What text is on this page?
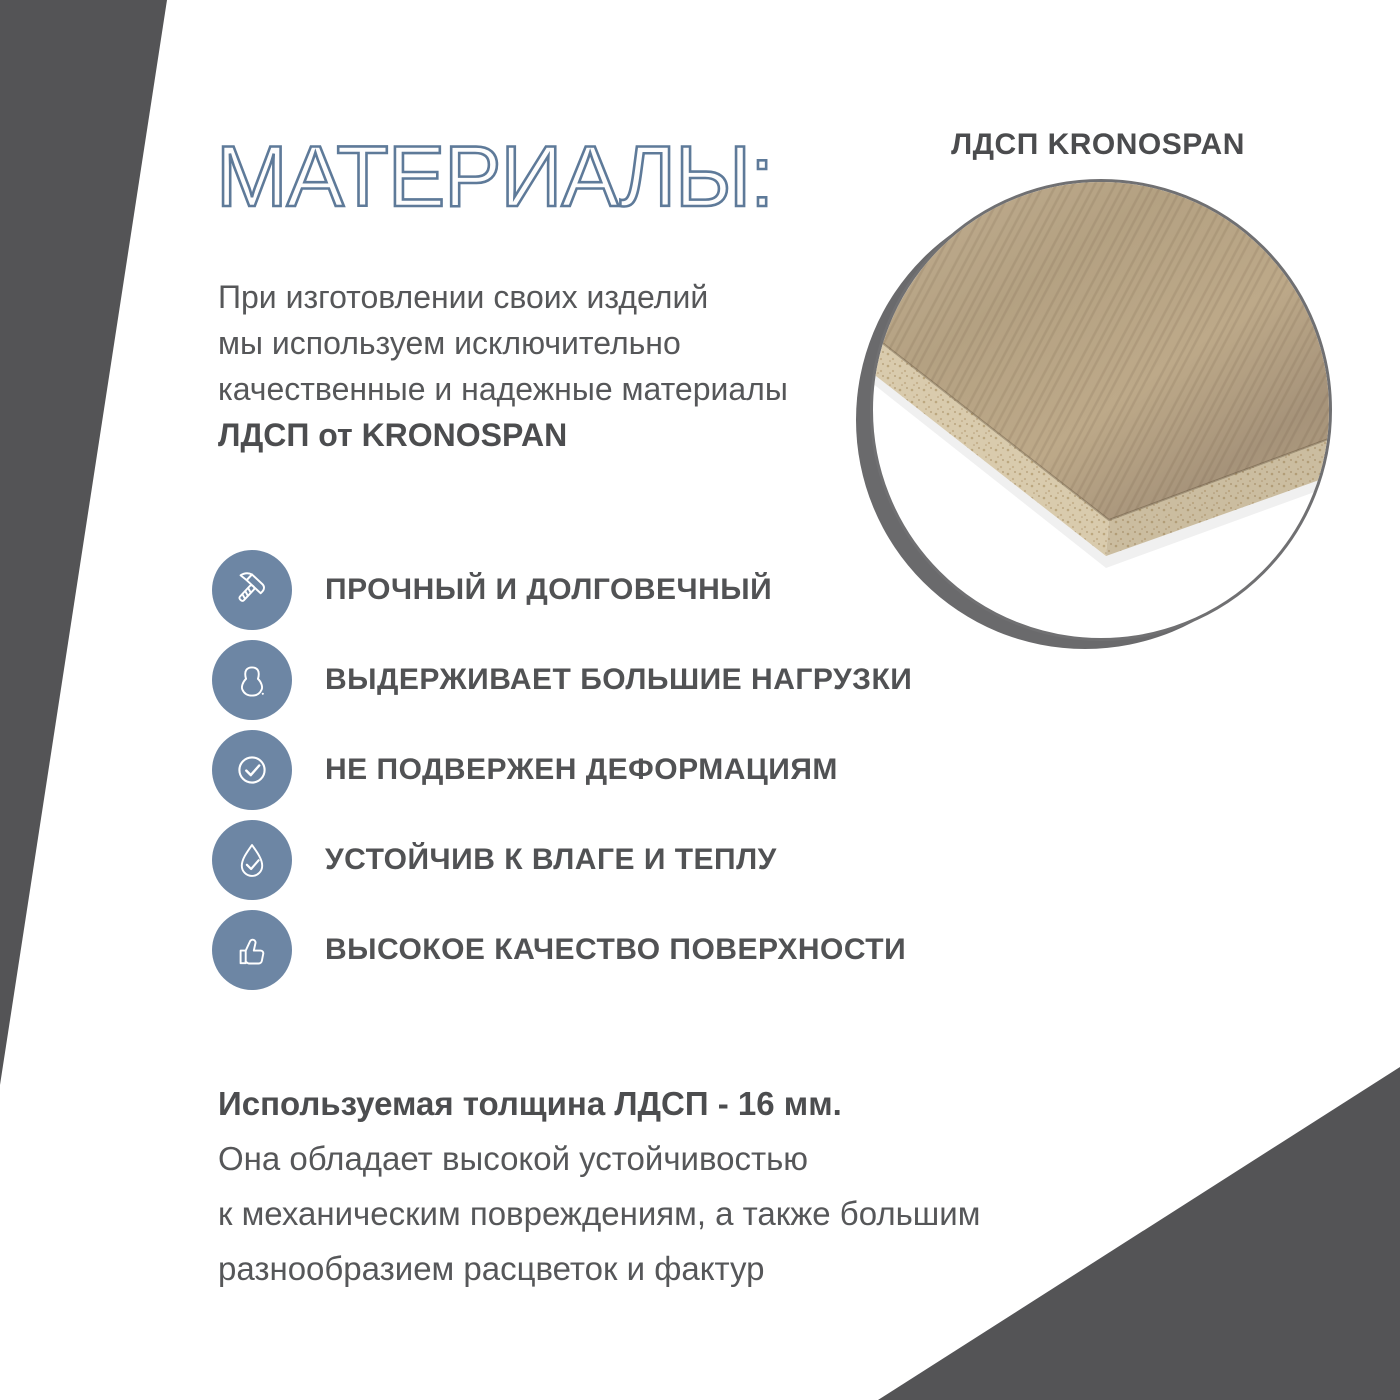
МАТЕРИАЛЫ:	ЛДСП KRONOSPAN
При изготовлении своих изделий
мы используем исключительно
качественные и надежные материалы
ЛДСП от KRONOSPAN
ПРОЧНЫЙ И ДОЛГОВЕЧНЫЙ
ВЫДЕРЖИВАЕТ БОЛЬШИЕ НАГРУЗКИ
НЕ ПОДВЕРЖЕН ДЕФОРМАЦИЯМ
УСТОЙЧИВ К ВЛАГЕ И ТЕПЛУ
ВЫСОКОЕ КАЧЕСТВО ПОВЕРХНОСТИ
Используемая толщина ЛДСП - 16 мм.
Она обладает высокой устойчивостью
к механическим повреждениям, а также большим
разнообразием расцветок и фактур
